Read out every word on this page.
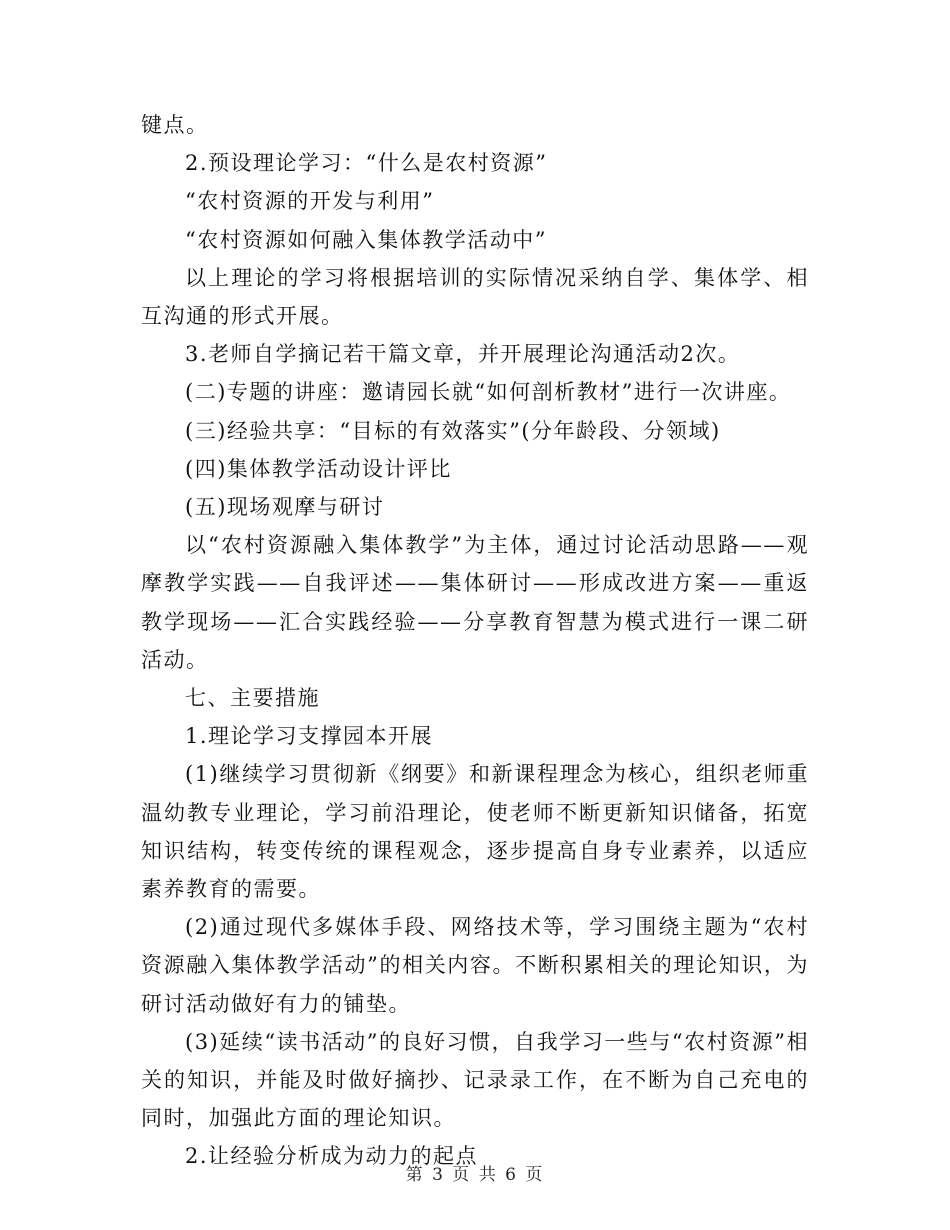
键点。

2.预设理论学习：“什么是农村资源”

“农村资源的开发与利用”

“农村资源如何融入集体教学活动中”

以上理论的学习将根据培训的实际情况采纳自学、集体学、相互沟通的形式开展。

3.老师自学摘记若干篇文章，并开展理论沟通活动2次。

(二)专题的讲座：邀请园长就“如何剖析教材”进行一次讲座。

(三)经验共享：“目标的有效落实”(分年龄段、分领域)

(四)集体教学活动设计评比

(五)现场观摩与研讨

以“农村资源融入集体教学”为主体，通过讨论活动思路——观摩教学实践——自我评述——集体研讨——形成改进方案——重返教学现场——汇合实践经验——分享教育智慧为模式进行一课二研活动。

七、主要措施

1.理论学习支撑园本开展

(1)继续学习贯彻新《纲要》和新课程理念为核心，组织老师重温幼教专业理论，学习前沿理论，使老师不断更新知识储备，拓宽知识结构，转变传统的课程观念，逐步提高自身专业素养，以适应素养教育的需要。

(2)通过现代多媒体手段、网络技术等，学习围绕主题为“农村资源融入集体教学活动”的相关内容。不断积累相关的理论知识，为研讨活动做好有力的铺垫。

(3)延续“读书活动”的良好习惯，自我学习一些与“农村资源”相关的知识，并能及时做好摘抄、记录录工作，在不断为自己充电的同时，加强此方面的理论知识。

2.让经验分析成为动力的起点

第 3 页 共 6 页
